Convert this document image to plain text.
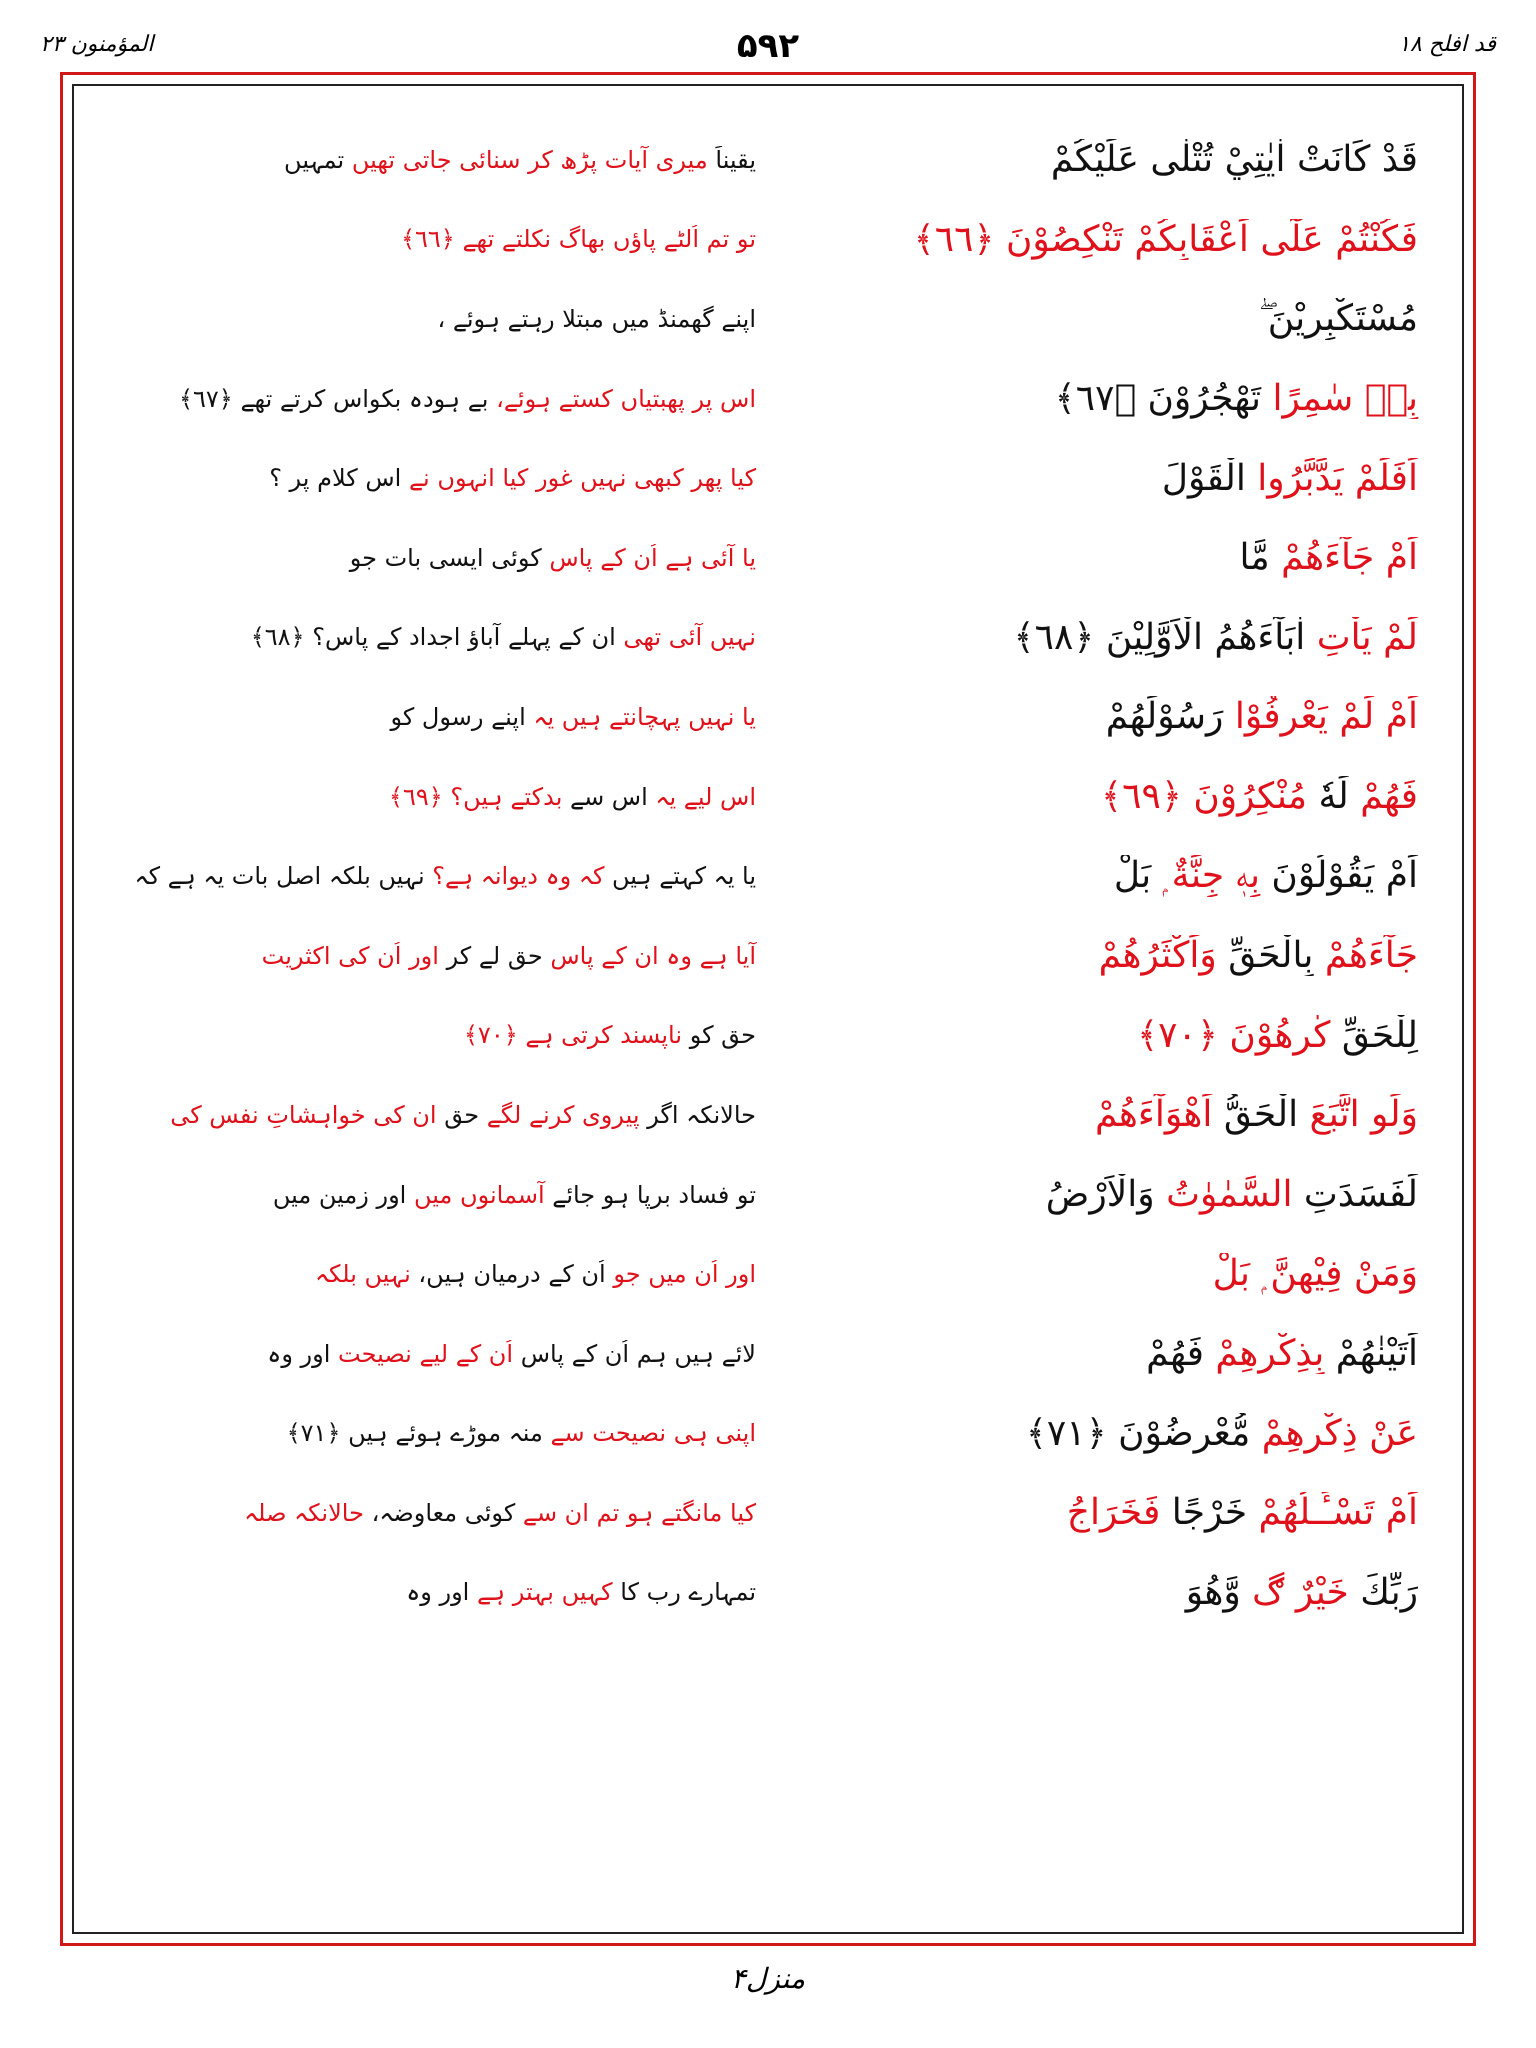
المؤمنون ٢٣	۵۹۲	قد افلح ١٨
قَدْ كَانَتْ اٰيٰتِيْ تُتْلٰى عَلَيْكُمْ
یقیناً میری آیات پڑھ کر سنائی جاتی تھیں تمہیں
فَكُنْتُمْ عَلٰٓى اَعْقَابِكُمْ تَنْكِصُوْنَ ﴿٦٦﴾
تو تم اُلٹے پاؤں بھاگ نکلتے تھے ﴿٦٦﴾
مُسْتَكْبِرِيْنَ ۖ
اپنے گھمنڈ میں مبتلا رہتے ہوئے ،
بِهٖ سٰمِرًا تَهْجُرُوْنَ ﴿٦٧﴾
اس پر پھبتیاں کستے ہوئے، بے ہودہ بکواس کرتے تھے ﴿٦٧﴾
اَفَلَمْ يَدَّبَّرُوا الْقَوْلَ
کیا پھر کبھی نہیں غور کیا انہوں نے اس کلام پر ؟
اَمْ جَآءَهُمْ مَّا
یا آئی ہے اُن کے پاس کوئی ایسی بات جو
لَمْ يَاْتِ اٰبَآءَهُمُ الْاَوَّلِيْنَ ﴿٦٨﴾
نہیں آئی تھی ان کے پہلے آباؤ اجداد کے پاس؟ ﴿٦٨﴾
اَمْ لَمْ يَعْرِفُوْا رَسُوْلَهُمْ
یا نہیں پہچانتے ہیں یہ اپنے رسول کو
فَهُمْ لَهٗ مُنْكِرُوْنَ ﴿٦٩﴾
اس لیے یہ اس سے بدکتے ہیں؟ ﴿٦٩﴾
اَمْ يَقُوْلُوْنَ بِهٖ جِنَّةٌ ۭ بَلْ
یا یہ کہتے ہیں کہ وہ دیوانہ ہے؟ نہیں بلکہ اصل بات یہ ہے کہ
جَآءَهُمْ بِالْحَقِّ وَاَكْثَرُهُمْ
آیا ہے وہ ان کے پاس حق لے کر اور اُن کی اکثریت
لِلْحَقِّ كٰرِهُوْنَ ﴿٧٠﴾
حق کو ناپسند کرتی ہے ﴿٧٠﴾
وَلَوِ اتَّبَعَ الْحَقُّ اَهْوَآءَهُمْ
حالانکہ اگر پیروی کرنے لگے حق ان کی خواہشاتِ نفس کی
لَفَسَدَتِ السَّمٰوٰتُ وَالْاَرْضُ
تو فساد برپا ہو جائے آسمانوں میں اور زمین میں
وَمَنْ فِيْهِنَّ ۭ بَلْ
اور اُن میں جو اُن کے درمیان ہیں، نہیں بلکہ
اَتَيْنٰهُمْ بِذِكْرِهِمْ فَهُمْ
لائے ہیں ہم اُن کے پاس اُن کے لیے نصیحت اور وہ
عَنْ ذِكْرِهِمْ مُّعْرِضُوْنَ ﴿٧١﴾
اپنی ہی نصیحت سے منہ موڑے ہوئے ہیں ﴿٧١﴾
اَمْ تَسْـَٔـلُهُمْ خَرْجًا فَخَرَاجُ
کیا مانگتے ہو تم ان سے کوئی معاوضہ، حالانکہ صلہ
رَبِّكَ خَيْرٌ ڰ وَّهُوَ
تمہارے رب کا کہیں بہتر ہے اور وہ
منزل۴
